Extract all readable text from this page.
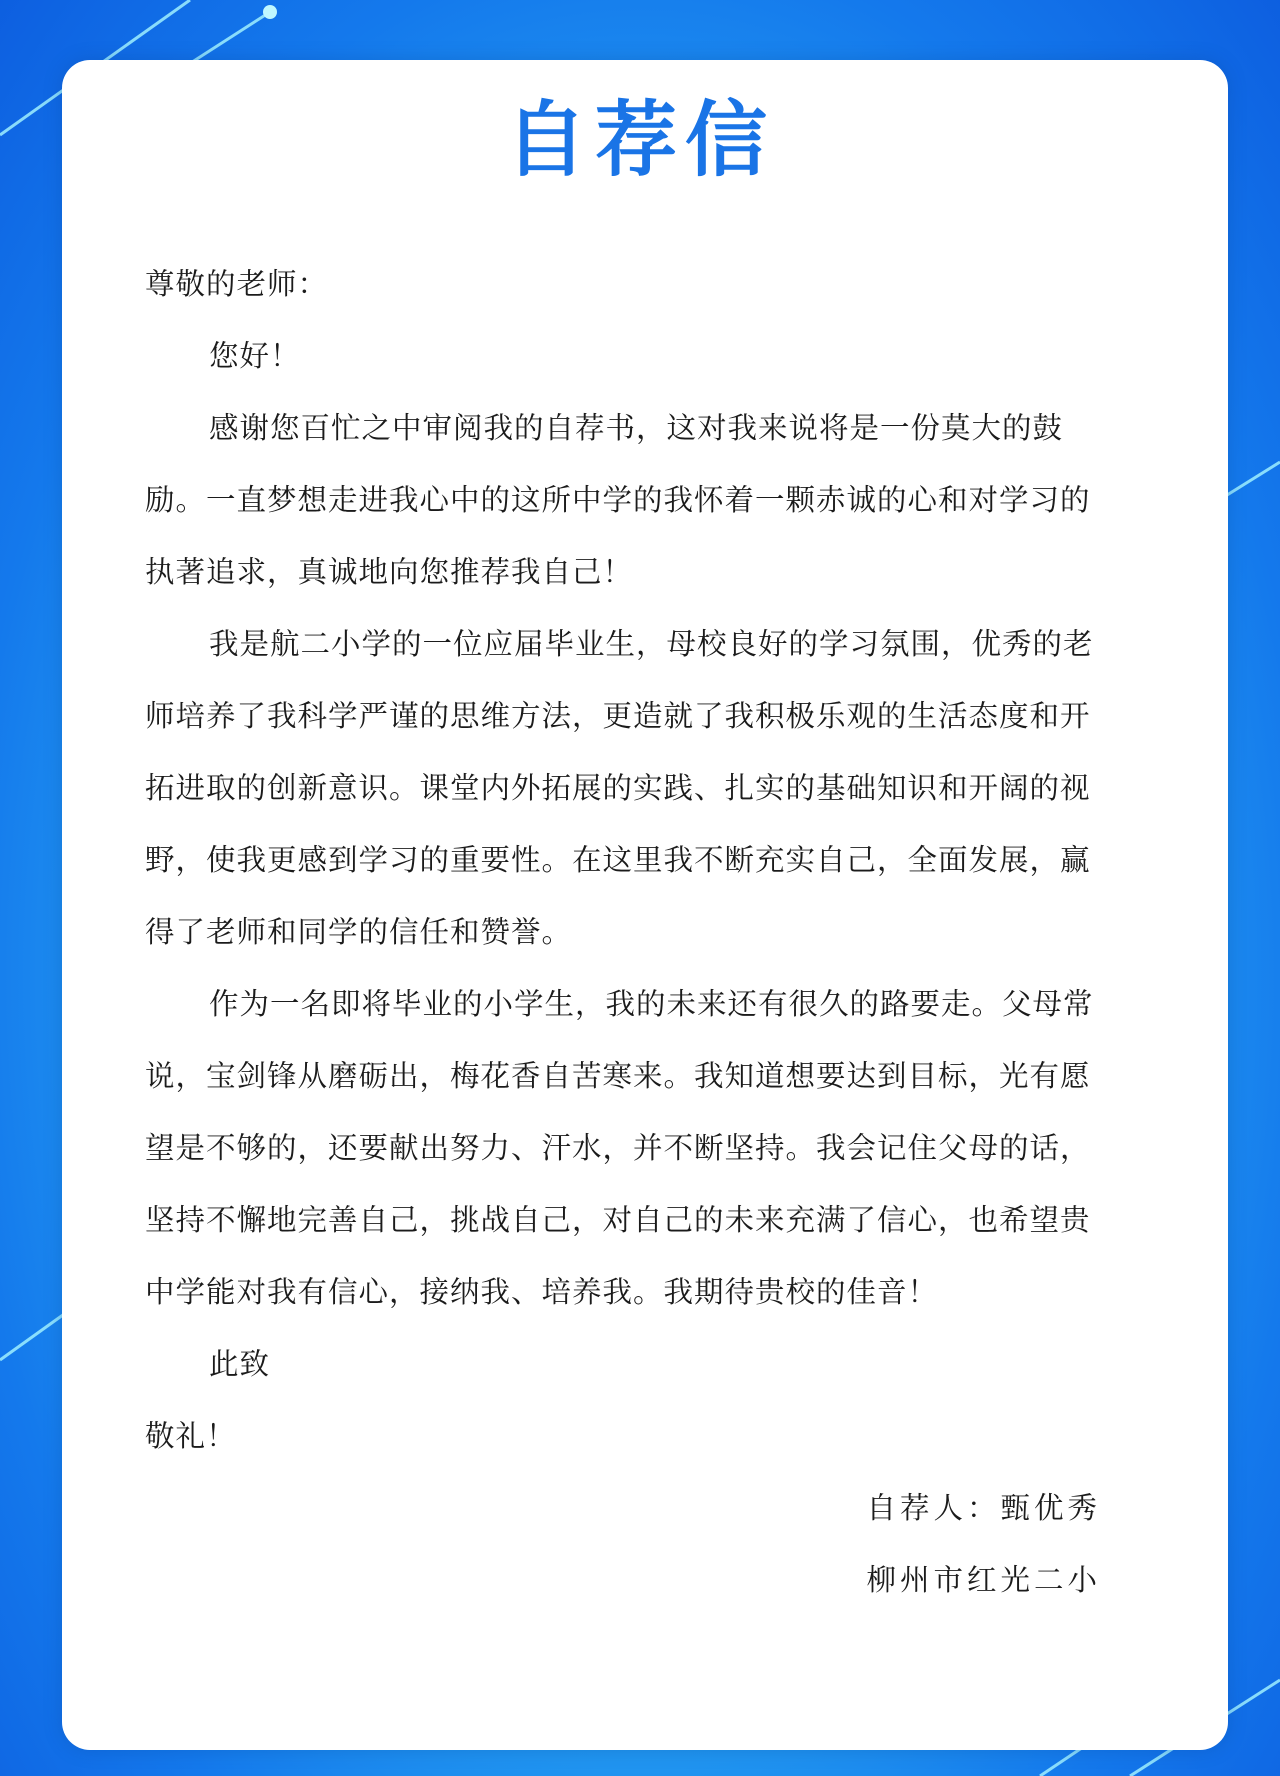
自荐信

尊敬的老师：

您好！

感谢您百忙之中审阅我的自荐书，这对我来说将是一份莫大的鼓励。一直梦想走进我心中的这所中学的我怀着一颗赤诚的心和对学习的执著追求，真诚地向您推荐我自己！

我是航二小学的一位应届毕业生，母校良好的学习氛围，优秀的老师培养了我科学严谨的思维方法，更造就了我积极乐观的生活态度和开拓进取的创新意识。课堂内外拓展的实践、扎实的基础知识和开阔的视野，使我更感到学习的重要性。在这里我不断充实自己，全面发展，赢得了老师和同学的信任和赞誉。

作为一名即将毕业的小学生，我的未来还有很久的路要走。父母常说，宝剑锋从磨砺出，梅花香自苦寒来。我知道想要达到目标，光有愿望是不够的，还要献出努力、汗水，并不断坚持。我会记住父母的话，坚持不懈地完善自己，挑战自己，对自己的未来充满了信心，也希望贵中学能对我有信心，接纳我、培养我。我期待贵校的佳音！

此致

敬礼！

自荐人：甄优秀

柳州市红光二小
